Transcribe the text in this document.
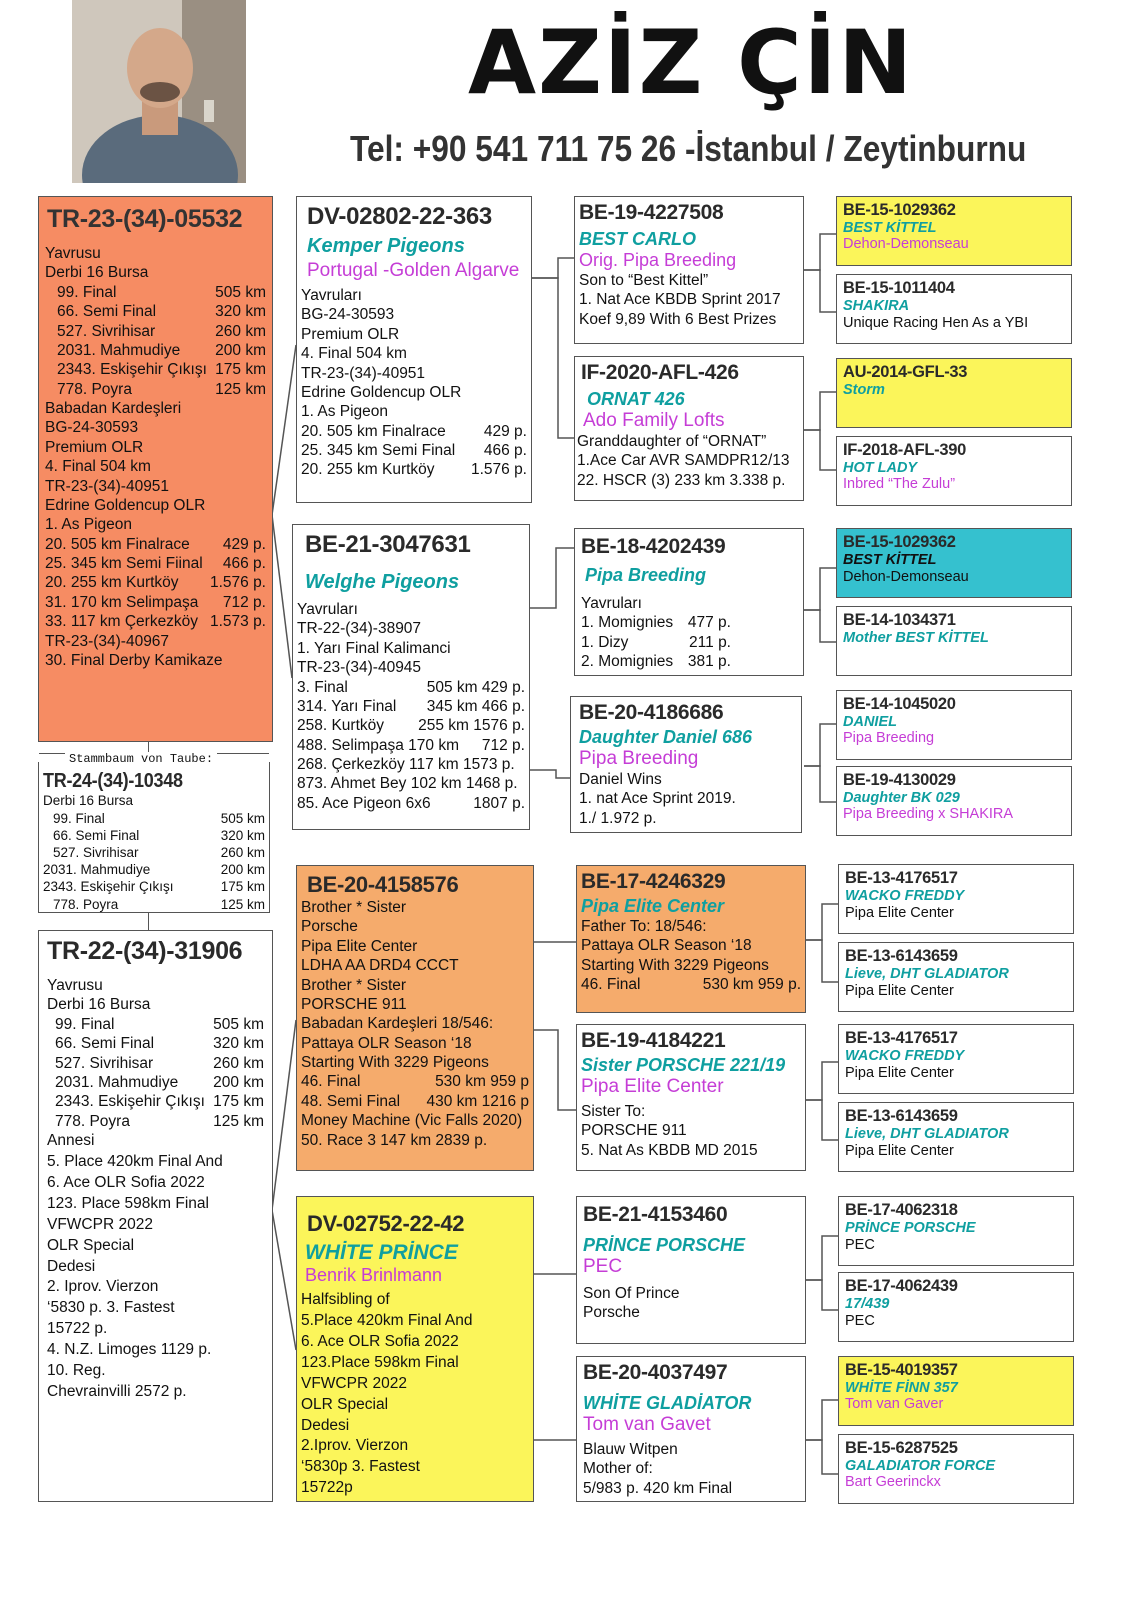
AZİZ ÇİN
Tel: +90 541 711 75 26 -İstanbul / Zeytinburnu
TR-23-(34)-05532
Yavrusu
Derbi 16 Bursa
99. Final	505 km
66. Semi Final	320 km
527. Sivrihisar	260 km
2031. Mahmudiye 200 km
2343. Eskişehir Çıkışı 175 km
778. Poyra	125 km
Babadan Kardeşleri
BG-24-30593
Premium OLR
4. Final 504 km
TR-23-(34)-40951
Edrine Goldencup OLR
1. As Pigeon
20. 505 km Finalrace 429 p.
25. 345 km Semi Fiinal 466 p.
20. 255 km Kurtköy 1.576 p.
31. 170 km Selimpaşa 712 p.
33. 117 km Çerkezköy 1.573 p.
TR-23-(34)-40967
30. Final Derby Kamikaze
Stammbaum von Taube:
TR-24-(34)-10348
Derbi 16 Bursa
99. Final	505 km
66. Semi Final	320 km
527. Sivrihisar	260 km
2031. Mahmudiye	200 km
2343. Eskişehir Çıkışı	175 km
778. Poyra	125 km
TR-22-(34)-31906
Yavrusu
Derbi 16 Bursa
99. Final	505 km
66. Semi Final	320 km
527. Sivrihisar	260 km
2031. Mahmudiye 200 km
2343. Eskişehir Çıkışı 175 km
778. Poyra	125 km
Annesi
5. Place 420km Final And
6. Ace OLR Sofia 2022
123. Place 598km Final
VFWCPR 2022
OLR Special
Dedesi
2. Iprov. Vierzon
‘5830 p. 3. Fastest
15722 p.
4. N.Z. Limoges 1129 p.
10. Reg.
Chevrainvilli 2572 p.
DV-02802-22-363
Kemper Pigeons
Portugal -Golden Algarve
Yavruları
BG-24-30593
Premium OLR
4. Final 504 km
TR-23-(34)-40951
Edrine Goldencup OLR
1. As Pigeon
20. 505 km Finalrace 429 p.
25. 345 km Semi Final 466 p.
20. 255 km Kurtköy 1.576 p.
BE-21-3047631
Welghe Pigeons
Yavruları
TR-22-(34)-38907
1. Yarı Final Kalimanci
TR-23-(34)-40945
3. Final	505 km 429 p.
314. Yarı Final 345 km 466 p.
258. Kurtköy 255 km 1576 p.
488. Selimpaşa 170 km 712 p.
268. Çerkezköy 117 km 1573 p.
873. Ahmet Bey 102 km 1468 p.
85. Ace Pigeon 6x6	1807 p.
BE-20-4158576
Brother * Sister
Porsche
Pipa Elite Center
LDHA AA DRD4 CCCT
Brother * Sister
PORSCHE 911
Babadan Kardeşleri 18/546:
Pattaya OLR Season ‘18
Starting With 3229 Pigeons
46. Final	530 km 959 p
48. Semi Final 430 km 1216 p
Money Machine (Vic Falls 2020)
50. Race 3 147 km 2839 p.
DV-02752-22-42
WHİTE PRİNCE
Benrik Brinlmann
Halfsibling of
5.Place 420km Final And
6. Ace OLR Sofia 2022
123.Place 598km Final
VFWCPR 2022
OLR Special
Dedesi
2.Iprov. Vierzon
‘5830p 3. Fastest
15722p
BE-19-4227508
BEST CARLO
Orig. Pipa Breeding
Son to “Best Kittel”
1. Nat Ace KBDB Sprint 2017
Koef 9,89 With 6 Best Prizes
IF-2020-AFL-426
ORNAT 426
Ado Family Lofts
Granddaughter of “ORNAT”
1.Ace Car AVR SAMDPR12/13
22. HSCR (3) 233 km 3.338 p.
BE-18-4202439
Pipa Breeding
Yavruları
1. Momignies 477 p.
1. Dizy	211 p.
2. Momignies 381 p.
BE-20-4186686
Daughter Daniel 686
Pipa Breeding
Daniel Wins
1. nat Ace Sprint 2019.
1./ 1.972 p.
BE-17-4246329
Pipa Elite Center
Father To: 18/546:
Pattaya OLR Season ‘18
Starting With 3229 Pigeons
46. Final	530 km 959 p.
BE-19-4184221
Sister PORSCHE 221/19
Pipa Elite Center
Sister To:
PORSCHE 911
5. Nat As KBDB MD 2015
BE-21-4153460
PRİNCE PORSCHE
PEC
Son Of Prince
Porsche
BE-20-4037497
WHİTE GLADİATOR
Tom van Gavet
Blauw Witpen
Mother of:
5/983 p. 420 km Final
BE-15-1029362
BEST KİTTEL
Dehon-Demonseau
BE-15-1011404
SHAKIRA
Unique Racing Hen As a YBI
AU-2014-GFL-33
Storm
IF-2018-AFL-390
HOT LADY
Inbred “The Zulu”
BE-15-1029362
BEST KİTTEL
Dehon-Demonseau
BE-14-1034371
Mother BEST KİTTEL
BE-14-1045020
DANIEL
Pipa Breeding
BE-19-4130029
Daughter BK 029
Pipa Breeding x SHAKIRA
BE-13-4176517
WACKO FREDDY
Pipa Elite Center
BE-13-6143659
Lieve, DHT GLADIATOR
Pipa Elite Center
BE-13-4176517
WACKO FREDDY
Pipa Elite Center
BE-13-6143659
Lieve, DHT GLADIATOR
Pipa Elite Center
BE-17-4062318
PRİNCE PORSCHE
PEC
BE-17-4062439
17/439
PEC
BE-15-4019357
WHİTE FİNN 357
Tom van Gaver
BE-15-6287525
GALADIATOR FORCE
Bart Geerinckx
